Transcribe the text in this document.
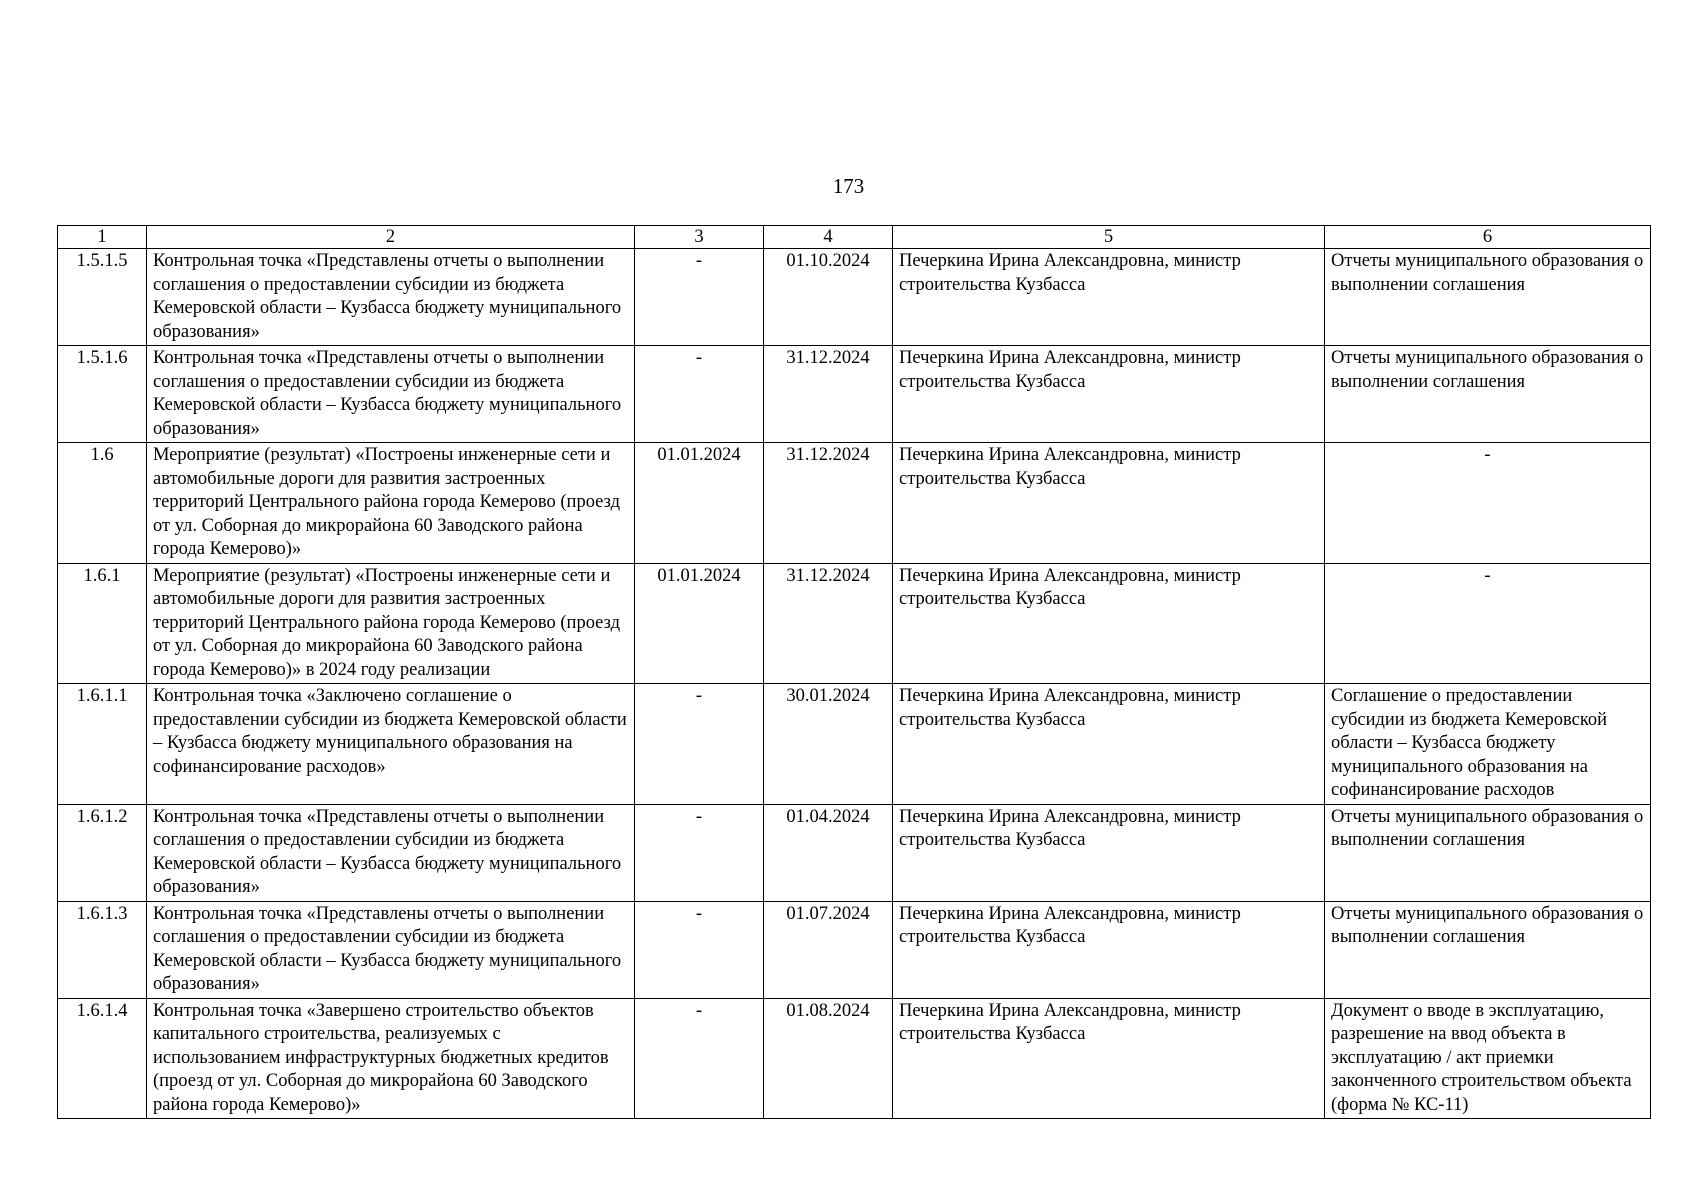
173
1	2	3	4	5	6
1.5.1.5	Контрольная точка «Представлены отчеты о выполнении соглашения о предоставлении субсидии из бюджета Кемеровской области – Кузбасса бюджету муниципального образования»	-	01.10.2024	Печеркина Ирина Александровна, министр строительства Кузбасса	Отчеты муниципального образования о выполнении соглашения
1.5.1.6	Контрольная точка «Представлены отчеты о выполнении соглашения о предоставлении субсидии из бюджета Кемеровской области – Кузбасса бюджету муниципального образования»	-	31.12.2024	Печеркина Ирина Александровна, министр строительства Кузбасса	Отчеты муниципального образования о выполнении соглашения
1.6	Мероприятие (результат) «Построены инженерные сети и автомобильные дороги для развития застроенных территорий Центрального района города Кемерово (проезд от ул. Соборная до микрорайона 60 Заводского района города Кемерово)»	01.01.2024	31.12.2024	Печеркина Ирина Александровна, министр строительства Кузбасса	-
1.6.1	Мероприятие (результат) «Построены инженерные сети и автомобильные дороги для развития застроенных территорий Центрального района города Кемерово (проезд от ул. Соборная до микрорайона 60 Заводского района города Кемерово)» в 2024 году реализации	01.01.2024	31.12.2024	Печеркина Ирина Александровна, министр строительства Кузбасса	-
1.6.1.1	Контрольная точка «Заключено соглашение о предоставлении субсидии из бюджета Кемеровской области – Кузбасса бюджету муниципального образования на софинансирование расходов»	-	30.01.2024	Печеркина Ирина Александровна, министр строительства Кузбасса	Соглашение о предоставлении субсидии из бюджета Кемеровской области – Кузбасса бюджету муниципального образования на софинансирование расходов
1.6.1.2	Контрольная точка «Представлены отчеты о выполнении соглашения о предоставлении субсидии из бюджета Кемеровской области – Кузбасса бюджету муниципального образования»	-	01.04.2024	Печеркина Ирина Александровна, министр строительства Кузбасса	Отчеты муниципального образования о выполнении соглашения
1.6.1.3	Контрольная точка «Представлены отчеты о выполнении соглашения о предоставлении субсидии из бюджета Кемеровской области – Кузбасса бюджету муниципального образования»	-	01.07.2024	Печеркина Ирина Александровна, министр строительства Кузбасса	Отчеты муниципального образования о выполнении соглашения
1.6.1.4	Контрольная точка «Завершено строительство объектов капитального строительства, реализуемых с использованием инфраструктурных бюджетных кредитов (проезд от ул. Соборная до микрорайона 60 Заводского района города Кемерово)»	-	01.08.2024	Печеркина Ирина Александровна, министр строительства Кузбасса	Документ о вводе в эксплуатацию, разрешение на ввод объекта в эксплуатацию / акт приемки законченного строительством объекта (форма № КС-11)
